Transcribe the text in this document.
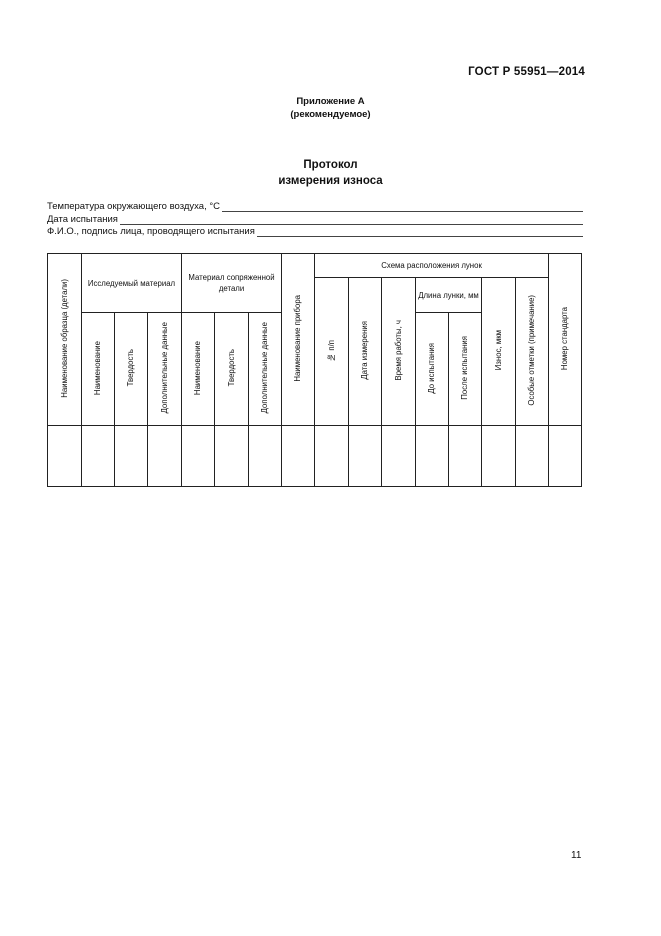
ГОСТ Р 55951—2014
Приложение А
(рекомендуемое)
Протокол
измерения износа
Температура окружающего воздуха, °С
Дата испытания
Ф.И.О., подпись лица, проводящего испытания
Наименование образца (детали)	Исследуемый материал			Материал сопряженной детали			Наименование прибора	Схема расположения лунок							Номер стандарта
								№ п/п	Дата измерения	Время работы, ч	Длина лунки, мм		Износ, мкм	Особые отметки (примечание)	
	Наименование	Твердость	Дополнительные данные	Наименование	Твердость	Дополнительные данные					До испытания	После испытания			

11
